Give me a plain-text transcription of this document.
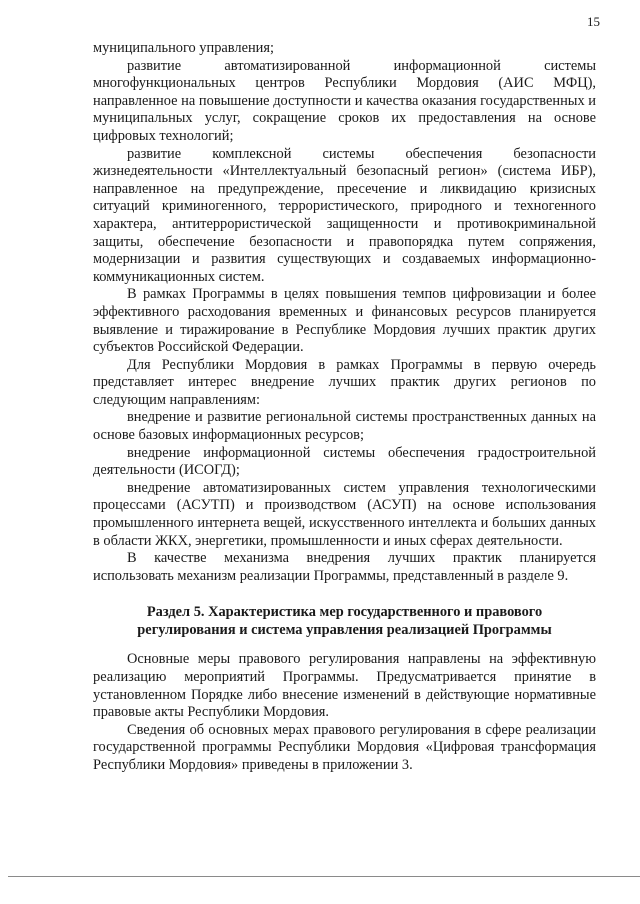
15

муниципального управления;

развитие автоматизированной информационной системы многофункциональных центров Республики Мордовия (АИС МФЦ), направленное на повышение доступности и качества оказания государственных и муниципальных услуг, сокращение сроков их предоставления на основе цифровых технологий;

развитие комплексной системы обеспечения безопасности жизнедеятельности «Интеллектуальный безопасный регион» (система ИБР), направленное на предупреждение, пресечение и ликвидацию кризисных ситуаций криминогенного, террористического, природного и техногенного характера, антитеррористической защищенности и противокриминальной защиты, обеспечение безопасности и правопорядка путем сопряжения, модернизации и развития существующих и создаваемых информационно-коммуникационных систем.

В рамках Программы в целях повышения темпов цифровизации и более эффективного расходования временных и финансовых ресурсов планируется выявление и тиражирование в Республике Мордовия лучших практик других субъектов Российской Федерации.

Для Республики Мордовия в рамках Программы в первую очередь представляет интерес внедрение лучших практик других регионов по следующим направлениям:

внедрение и развитие региональной системы пространственных данных на основе базовых информационных ресурсов;

внедрение информационной системы обеспечения градостроительной деятельности (ИСОГД);

внедрение автоматизированных систем управления технологическими процессами (АСУТП) и производством (АСУП) на основе использования промышленного интернета вещей, искусственного интеллекта и больших данных в области ЖКХ, энергетики, промышленности и иных сферах деятельности.

В качестве механизма внедрения лучших практик планируется использовать механизм реализации Программы, представленный в разделе 9.

Раздел 5. Характеристика мер государственного и правового
регулирования и система управления реализацией Программы

Основные меры правового регулирования направлены на эффективную реализацию мероприятий Программы. Предусматривается принятие в установленном Порядке либо внесение изменений в действующие нормативные правовые акты Республики Мордовия.

Сведения об основных мерах правового регулирования в сфере реализации государственной программы Республики Мордовия «Цифровая трансформация Республики Мордовия» приведены в приложении 3.
